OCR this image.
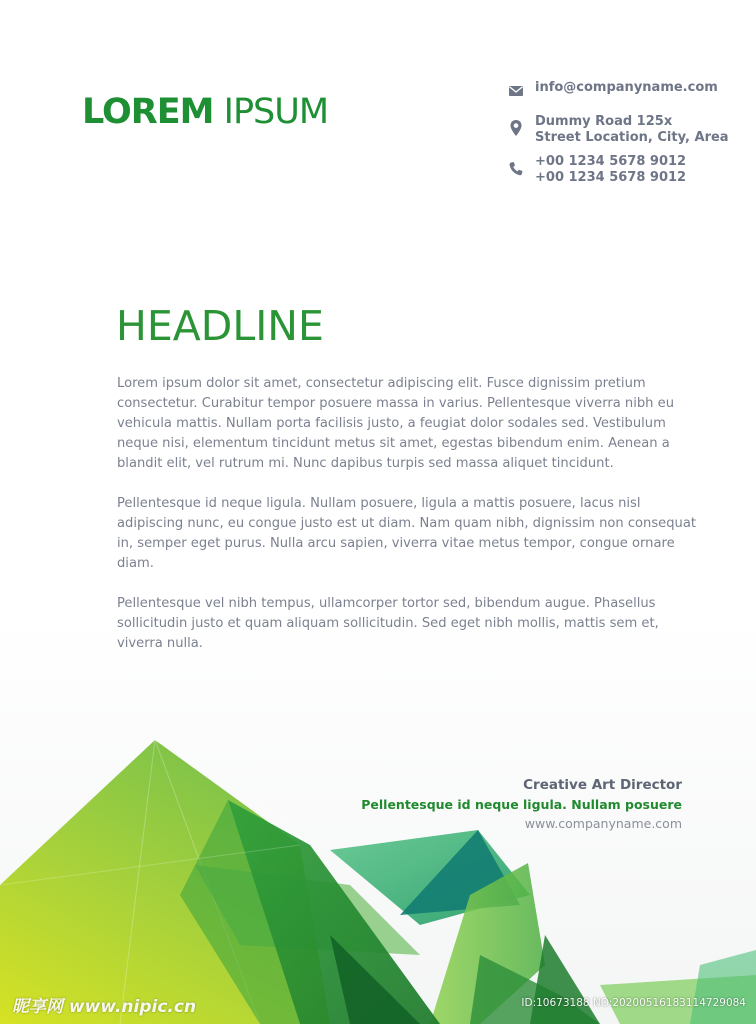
LOREM IPSUM
info@companyname.com
Dummy Road 125x
Street Location, City, Area
+00 1234 5678 9012
+00 1234 5678 9012
HEADLINE

Lorem ipsum dolor sit amet, consectetur adipiscing elit. Fusce dignissim pretium consectetur. Curabitur tempor posuere massa in varius. Pellentesque viverra nibh eu vehicula mattis. Nullam porta facilisis justo, a feugiat dolor sodales sed. Vestibulum neque nisi, elementum tincidunt metus sit amet, egestas bibendum enim. Aenean a blandit elit, vel rutrum mi. Nunc dapibus turpis sed massa aliquet tincidunt.

Pellentesque id neque ligula. Nullam posuere, ligula a mattis posuere, lacus nisl adipiscing nunc, eu congue justo est ut diam. Nam quam nibh, dignissim non consequat in, semper eget purus. Nulla arcu sapien, viverra vitae metus tempor, congue ornare diam.

Pellentesque vel nibh tempus, ullamcorper tortor sed, bibendum augue. Phasellus sollicitudin justo et quam aliquam sollicitudin. Sed eget nibh mollis, mattis sem et, viverra nulla.

Creative Art Director
Pellentesque id neque ligula. Nullam posuere
www.companyname.com
昵享网 www.nipic.cn	ID:10673188 NO:20200516183114729084
